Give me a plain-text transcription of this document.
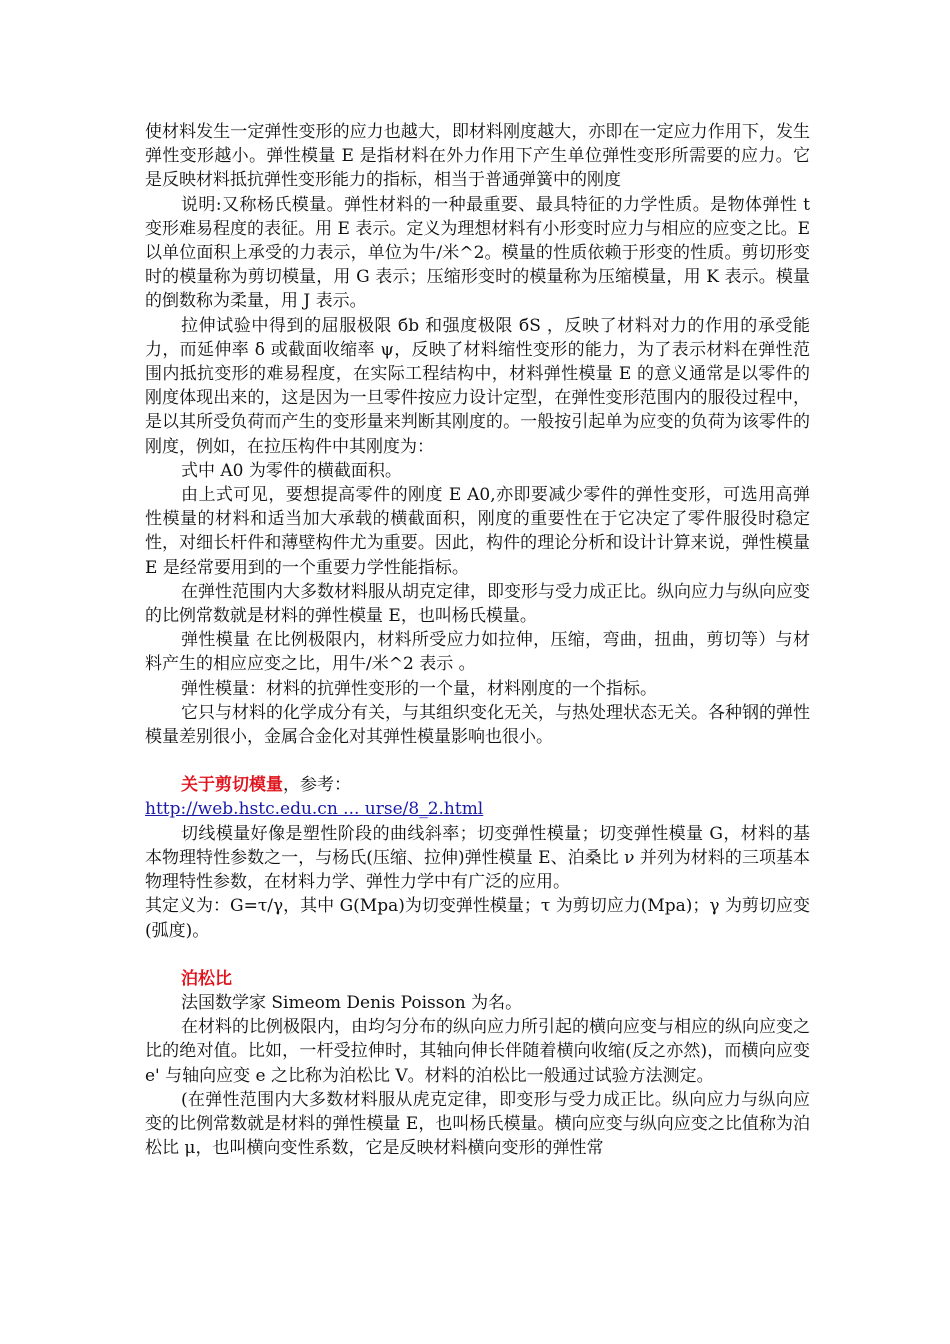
使材料发生一定弹性变形的应力也越大，即材料刚度越大，亦即在一定应力作用下，发生弹性变形越小。弹性模量 E 是指材料在外力作用下产生单位弹性变形所需要的应力。它是反映材料抵抗弹性变形能力的指标，相当于普通弹簧中的刚度

说明:又称杨氏模量。弹性材料的一种最重要、最具特征的力学性质。是物体弹性 t 变形难易程度的表征。用 E 表示。定义为理想材料有小形变时应力与相应的应变之比。E 以单位面积上承受的力表示，单位为牛/米^2。模量的性质依赖于形变的性质。剪切形变时的模量称为剪切模量，用 G 表示；压缩形变时的模量称为压缩模量，用 K 表示。模量的倒数称为柔量，用 J 表示。

拉伸试验中得到的屈服极限 бb 和强度极限 бS ，反映了材料对力的作用的承受能力，而延伸率 δ 或截面收缩率 ψ，反映了材料缩性变形的能力，为了表示材料在弹性范围内抵抗变形的难易程度，在实际工程结构中，材料弹性模量 E 的意义通常是以零件的刚度体现出来的，这是因为一旦零件按应力设计定型，在弹性变形范围内的服役过程中，是以其所受负荷而产生的变形量来判断其刚度的。一般按引起单为应变的负荷为该零件的刚度，例如，在拉压构件中其刚度为：

式中 A0 为零件的横截面积。

由上式可见，要想提高零件的刚度 E A0,亦即要减少零件的弹性变形，可选用高弹性模量的材料和适当加大承载的横截面积，刚度的重要性在于它决定了零件服役时稳定性，对细长杆件和薄壁构件尤为重要。因此，构件的理论分析和设计计算来说，弹性模量 E 是经常要用到的一个重要力学性能指标。

在弹性范围内大多数材料服从胡克定律，即变形与受力成正比。纵向应力与纵向应变的比例常数就是材料的弹性模量 E，也叫杨氏模量。

弹性模量 在比例极限内，材料所受应力如拉伸，压缩，弯曲，扭曲，剪切等）与材料产生的相应应变之比，用牛/米^2 表示 。

弹性模量：材料的抗弹性变形的一个量，材料刚度的一个指标。

它只与材料的化学成分有关，与其组织变化无关，与热处理状态无关。各种钢的弹性模量差别很小，金属合金化对其弹性模量影响也很小。

关于剪切模量，参考：

http://web.hstc.edu.cn ... urse/8_2.html

切线模量好像是塑性阶段的曲线斜率；切变弹性模量；切变弹性模量 G，材料的基本物理特性参数之一，与杨氏(压缩、拉伸)弹性模量 E、泊桑比 ν 并列为材料的三项基本物理特性参数，在材料力学、弹性力学中有广泛的应用。

其定义为：G=τ/γ，其中 G(Mpa)为切变弹性模量；τ 为剪切应力(Mpa)；γ 为剪切应变(弧度)。

泊松比

法国数学家 Simeom Denis Poisson 为名。

在材料的比例极限内，由均匀分布的纵向应力所引起的横向应变与相应的纵向应变之比的绝对值。比如，一杆受拉伸时，其轴向伸长伴随着横向收缩(反之亦然)，而横向应变 e' 与轴向应变 e 之比称为泊松比 V。材料的泊松比一般通过试验方法测定。

(在弹性范围内大多数材料服从虎克定律，即变形与受力成正比。纵向应力与纵向应变的比例常数就是材料的弹性模量 E，也叫杨氏模量。横向应变与纵向应变之比值称为泊松比 μ，也叫横向变性系数，它是反映材料横向变形的弹性常
